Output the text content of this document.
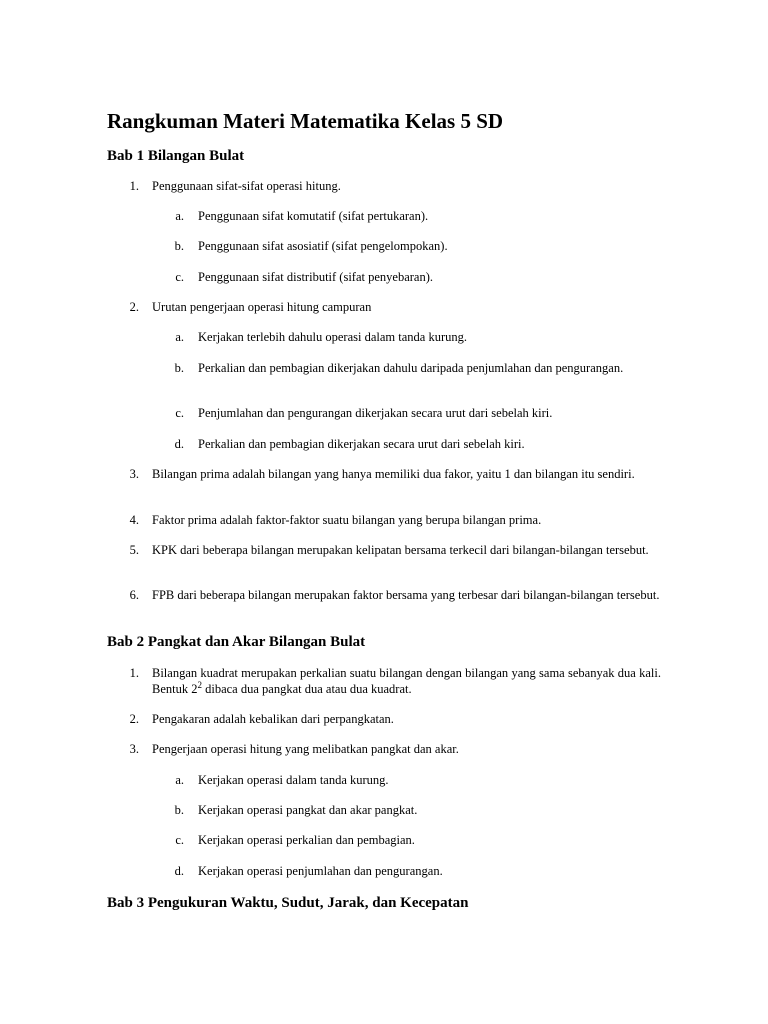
Rangkuman Materi Matematika Kelas 5 SD
Bab 1 Bilangan Bulat
1. Penggunaan sifat-sifat operasi hitung.
a. Penggunaan sifat komutatif (sifat pertukaran).
b. Penggunaan sifat asosiatif (sifat pengelompokan).
c. Penggunaan sifat distributif (sifat penyebaran).
2. Urutan pengerjaan operasi hitung campuran
a. Kerjakan terlebih dahulu operasi dalam tanda kurung.
b. Perkalian dan pembagian dikerjakan dahulu daripada penjumlahan dan pengurangan.
c. Penjumlahan dan pengurangan dikerjakan secara urut dari sebelah kiri.
d. Perkalian dan pembagian dikerjakan secara urut dari sebelah kiri.
3. Bilangan prima adalah bilangan yang hanya memiliki dua fakor, yaitu 1 dan bilangan itu sendiri.
4. Faktor prima adalah faktor-faktor suatu bilangan yang berupa bilangan prima.
5. KPK dari beberapa bilangan merupakan kelipatan bersama terkecil dari bilangan-bilangan tersebut.
6. FPB dari beberapa bilangan merupakan faktor bersama yang terbesar dari bilangan-bilangan tersebut.
Bab 2 Pangkat dan Akar Bilangan Bulat
1. Bilangan kuadrat merupakan perkalian suatu bilangan dengan bilangan yang sama sebanyak dua kali. Bentuk $2^2$ dibaca dua pangkat dua atau dua kuadrat.
2. Pengakaran adalah kebalikan dari perpangkatan.
3. Pengerjaan operasi hitung yang melibatkan pangkat dan akar.
a. Kerjakan operasi dalam tanda kurung.
b. Kerjakan operasi pangkat dan akar pangkat.
c. Kerjakan operasi perkalian dan pembagian.
d. Kerjakan operasi penjumlahan dan pengurangan.
Bab 3 Pengukuran Waktu, Sudut, Jarak, dan Kecepatan
